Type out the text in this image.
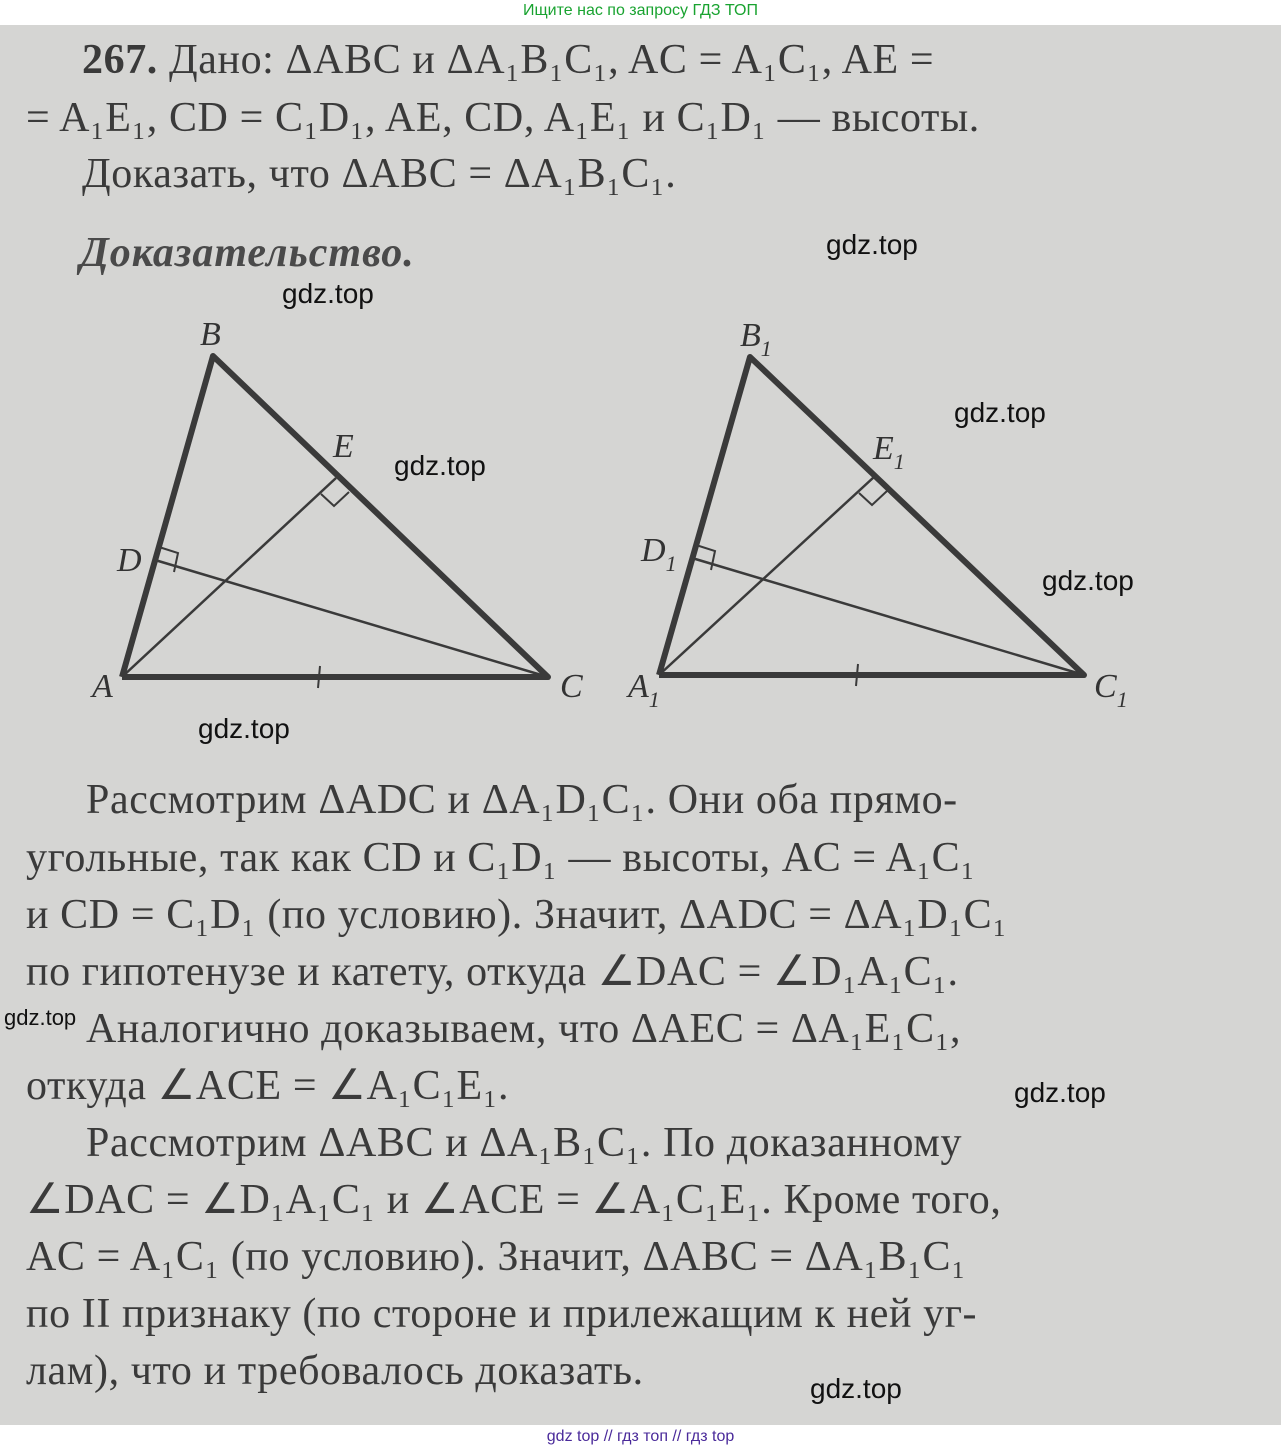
Ищите нас по запросу ГДЗ ТОП
267. Дано: ΔABC и ΔA₁B₁C₁, AC = A₁C₁, AE =
= A₁E₁, CD = C₁D₁, AE, CD, A₁E₁ и C₁D₁ — высоты.
Доказать, что ΔABC = ΔA₁B₁C₁.
Доказательство.
B
E
D
A	C
$B_1$
$E_1$
$D_1$
$A_1$	$C_1$
Рассмотрим ΔADC и ΔA₁D₁C₁. Они оба прямо-
угольные, так как CD и C₁D₁ — высоты, AC = A₁C₁
и CD = C₁D₁ (по условию). Значит, ΔADC = ΔA₁D₁C₁
по гипотенузе и катету, откуда ∠DAC = ∠D₁A₁C₁.
Аналогично доказываем, что ΔAEC = ΔA₁E₁C₁,
откуда ∠ACE = ∠A₁C₁E₁.
Рассмотрим ΔABC и ΔA₁B₁C₁. По доказанному
∠DAC = ∠D₁A₁C₁ и ∠ACE = ∠A₁C₁E₁. Кроме того,
AC = A₁C₁ (по условию). Значит, ΔABC = ΔA₁B₁C₁
по II признаку (по стороне и прилежащим к ней уг-
лам), что и требовалось доказать.
gdz.top
gdz.top
gdz.top
gdz.top
gdz.top
gdz.top
gdz.top
gdz.top
gdz.top
gdz top // гдз топ // гдз top
